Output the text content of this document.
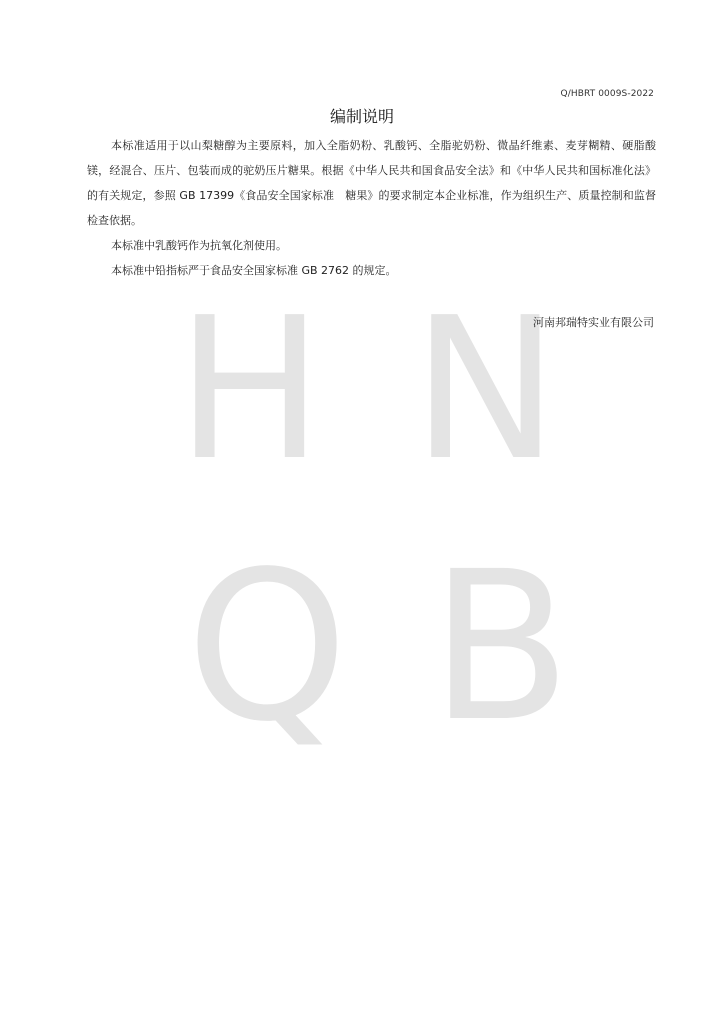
H N
Q B
Q/HBRT 0009S-2022
编制说明

本标准适用于以山梨糖醇为主要原料，加入全脂奶粉、乳酸钙、全脂驼奶粉、微晶纤维素、麦芽糊精、硬脂酸镁，经混合、压片、包装而成的驼奶压片糖果。根据《中华人民共和国食品安全法》和《中华人民共和国标准化法》的有关规定，参照 GB 17399《食品安全国家标准　糖果》的要求制定本企业标准，作为组织生产、质量控制和监督检查依据。

本标准中乳酸钙作为抗氧化剂使用。

本标准中铅指标严于食品安全国家标准 GB 2762 的规定。

河南邦瑞特实业有限公司
